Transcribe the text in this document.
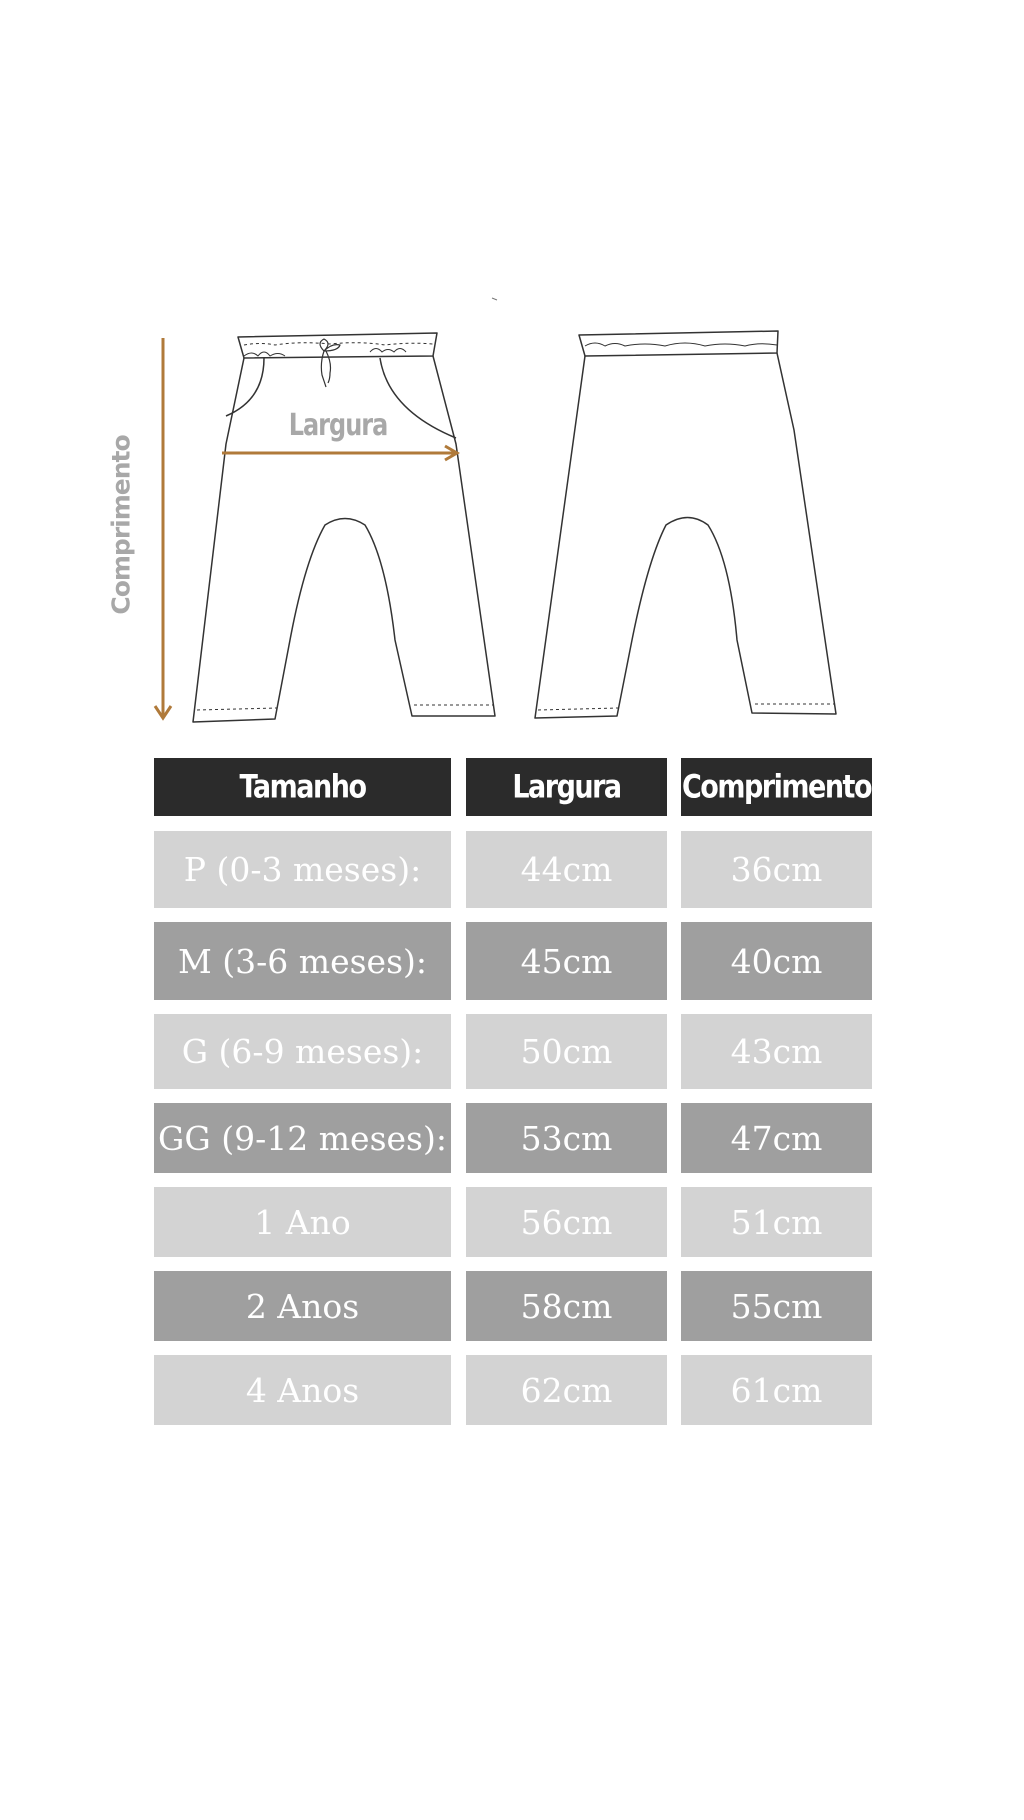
Comprimento
Largura
Tamanho	Largura Comprimento
P (0-3 meses):	44cm	36cm
M (3-6 meses):	45cm	40cm
G (6-9 meses):	50cm	43cm
GG (9-12 meses):	53cm	47cm
1 Ano	56cm	51cm
2 Anos	58cm	55cm
4 Anos	62cm	61cm
